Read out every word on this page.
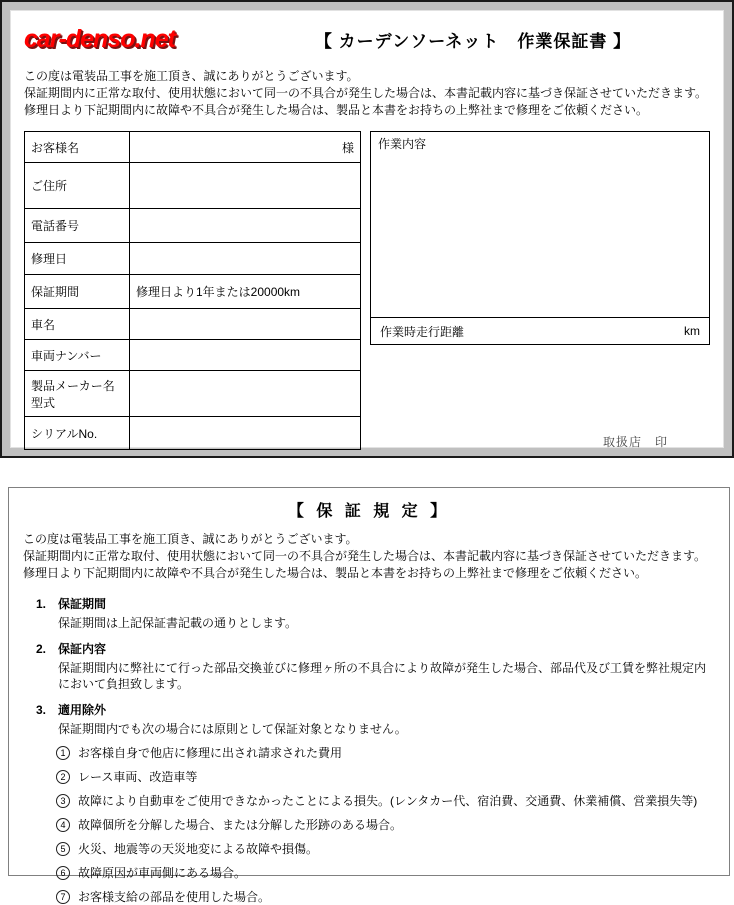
car-denso.net	【 カーデンソーネット　作業保証書 】
この度は電装品工事を施工頂き、誠にありがとうございます。
保証期間内に正常な取付、使用状態において同一の不具合が発生した場合は、本書記載内容に基づき保証させていただきます。修理日より下記期間内に故障や不具合が発生した場合は、製品と本書をお持ちの上弊社まで修理をご依頼ください。
お客様名	様

ご住所	
電話番号	
修理日	
保証期間	修理日より1年または20000km
車名	
車両ナンバー	
製品メーカー名型式	
シリアルNo.	
作業内容
作業時走行距離	km
取扱店　印
【 保 証 規 定 】
この度は電装品工事を施工頂き、誠にありがとうございます。
保証期間内に正常な取付、使用状態において同一の不具合が発生した場合は、本書記載内容に基づき保証させていただきます。修理日より下記期間内に故障や不具合が発生した場合は、製品と本書をお持ちの上弊社まで修理をご依頼ください。
1. 保証期間
保証期間は上記保証書記載の通りとします。
2. 保証内容
保証期間内に弊社にて行った部品交換並びに修理ヶ所の不具合により故障が発生した場合、部品代及び工賃を弊社規定内において負担致します。
3. 適用除外
保証期間内でも次の場合には原則として保証対象となりません。
1	お客様自身で他店に修理に出され請求された費用
2	レース車両、改造車等
3	故障により自動車をご使用できなかったことによる損失。(レンタカー代、宿泊費、交通費、休業補償、営業損失等)
4	故障個所を分解した場合、または分解した形跡のある場合。
5	火災、地震等の天災地変による故障や損傷。
6	故障原因が車両側にある場合。
7	お客様支給の部品を使用した場合。
